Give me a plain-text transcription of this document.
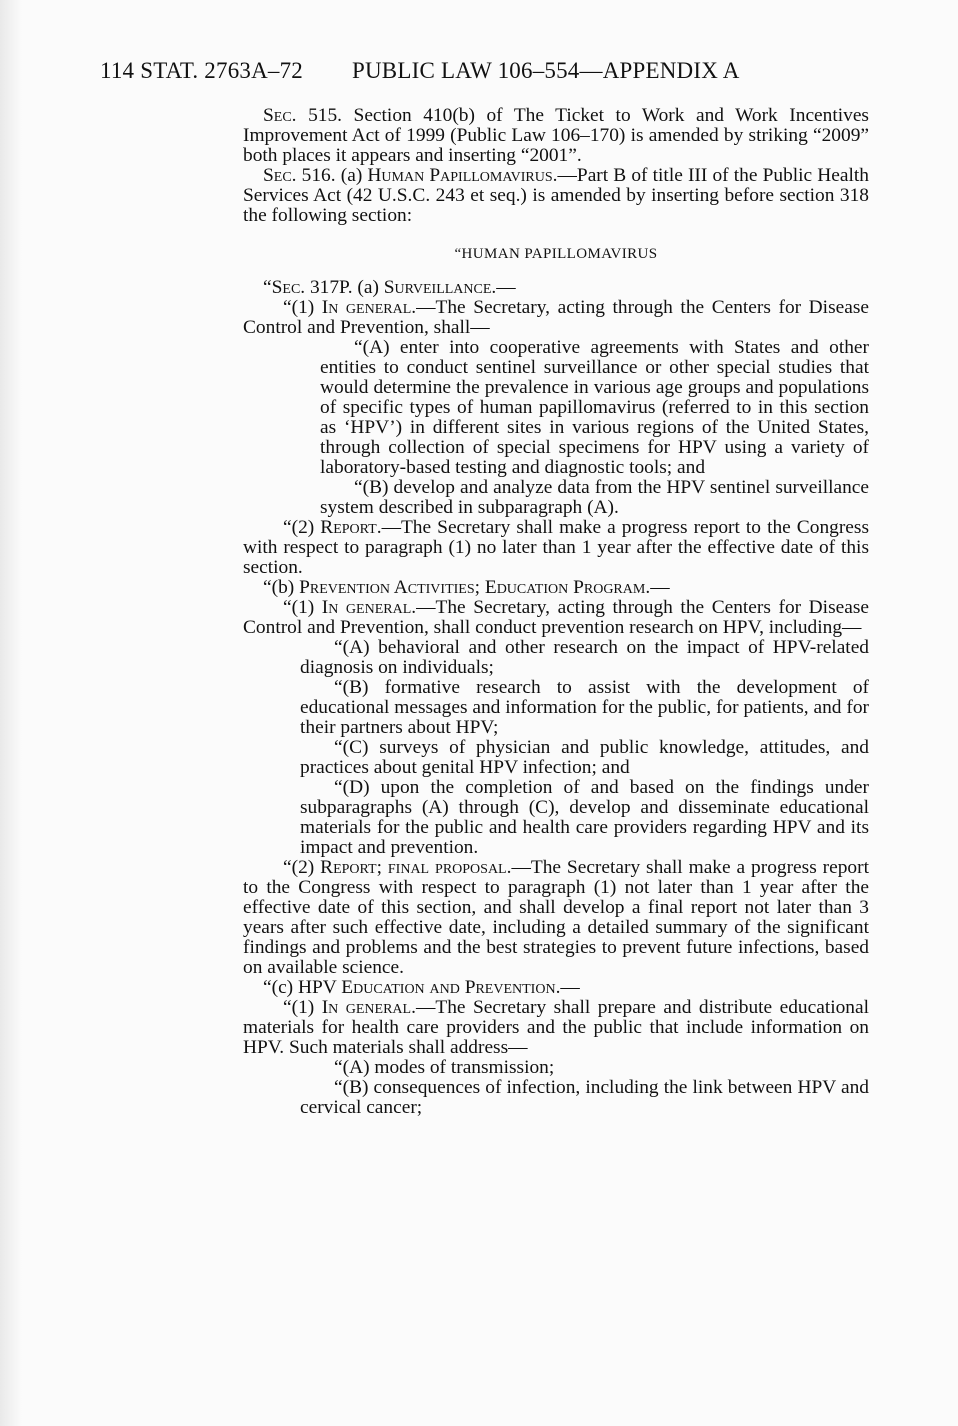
114 STAT. 2763A–72 PUBLIC LAW 106–554—APPENDIX A

Sec. 515. Section 410(b) of The Ticket to Work and Work Incentives Improvement Act of 1999 (Public Law 106–170) is amended by striking “2009” both places it appears and inserting “2001”.

Sec. 516. (a) Human Papillomavirus.—Part B of title III of the Public Health Services Act (42 U.S.C. 243 et seq.) is amended by inserting before section 318 the following section:

“HUMAN PAPILLOMAVIRUS

“Sec. 317P. (a) Surveillance.—

“(1) In general.—The Secretary, acting through the Centers for Disease Control and Prevention, shall—

“(A) enter into cooperative agreements with States and other entities to conduct sentinel surveillance or other special studies that would determine the prevalence in various age groups and populations of specific types of human papillomavirus (referred to in this section as ‘HPV’) in different sites in various regions of the United States, through collection of special specimens for HPV using a variety of laboratory-based testing and diagnostic tools; and

“(B) develop and analyze data from the HPV sentinel surveillance system described in subparagraph (A).

“(2) Report.—The Secretary shall make a progress report to the Congress with respect to paragraph (1) no later than 1 year after the effective date of this section.

“(b) Prevention Activities; Education Program.—

“(1) In general.—The Secretary, acting through the Centers for Disease Control and Prevention, shall conduct prevention research on HPV, including—

“(A) behavioral and other research on the impact of HPV-related diagnosis on individuals;

“(B) formative research to assist with the development of educational messages and information for the public, for patients, and for their partners about HPV;

“(C) surveys of physician and public knowledge, attitudes, and practices about genital HPV infection; and

“(D) upon the completion of and based on the findings under subparagraphs (A) through (C), develop and disseminate educational materials for the public and health care providers regarding HPV and its impact and prevention.

“(2) Report; final proposal.—The Secretary shall make a progress report to the Congress with respect to paragraph (1) not later than 1 year after the effective date of this section, and shall develop a final report not later than 3 years after such effective date, including a detailed summary of the significant findings and problems and the best strategies to prevent future infections, based on available science.

“(c) HPV Education and Prevention.—

“(1) In general.—The Secretary shall prepare and distribute educational materials for health care providers and the public that include information on HPV. Such materials shall address—

“(A) modes of transmission;

“(B) consequences of infection, including the link between HPV and cervical cancer;
